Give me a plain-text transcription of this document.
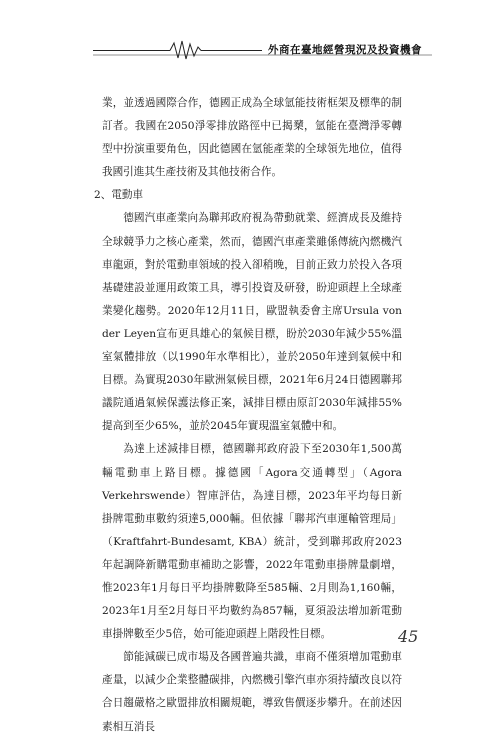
外商在臺地經營現況及投資機會

業，並透過國際合作，德國正成為全球氫能技術框架及標準的制訂者。我國在2050淨零排放路徑中已揭櫫，氫能在臺灣淨零轉型中扮演重要角色，因此德國在氫能產業的全球領先地位，值得我國引進其生產技術及其他技術合作。

2、電動車

德國汽車產業向為聯邦政府視為帶動就業、經濟成長及維持全球競爭力之核心產業，然而，德國汽車產業雖係傳統內燃機汽車龍頭，對於電動車領域的投入卻稍晚，目前正致力於投入各項基礎建設並運用政策工具，導引投資及研發，盼迎頭趕上全球產業變化趨勢。2020年12月11日，歐盟執委會主席Ursula von der Leyen宣布更具雄心的氣候目標，盼於2030年減少55%溫室氣體排放（以1990年水準相比），並於2050年達到氣候中和目標。為實現2030年歐洲氣候目標，2021年6月24日德國聯邦議院通過氣候保護法修正案，減排目標由原訂2030年減排55%提高到至少65%，並於2045年實現溫室氣體中和。

為達上述減排目標，德國聯邦政府設下至2030年1,500萬輛電動車上路目標。據德國「Agora交通轉型」（Agora Verkehrswende）智庫評估，為達目標，2023年平均每日新掛牌電動車數約須達5,000輛。但依據「聯邦汽車運輸管理局」（Kraftfahrt-Bundesamt, KBA）統計，受到聯邦政府2023年起調降新購電動車補助之影響，2022年電動車掛牌量劇增，惟2023年1月每日平均掛牌數降至585輛、2月則為1,160輛，2023年1月至2月每日平均數約為857輛，夏須設法增加新電動車掛牌數至少5倍，始可能迎頭趕上階段性目標。

節能減碳已成市場及各國普遍共識，車商不僅須增加電動車產量，以減少企業整體碳排，內燃機引擎汽車亦須持續改良以符合日趨嚴格之歐盟排放相關規範，導致售價逐步攀升。在前述因素相互消長

45
